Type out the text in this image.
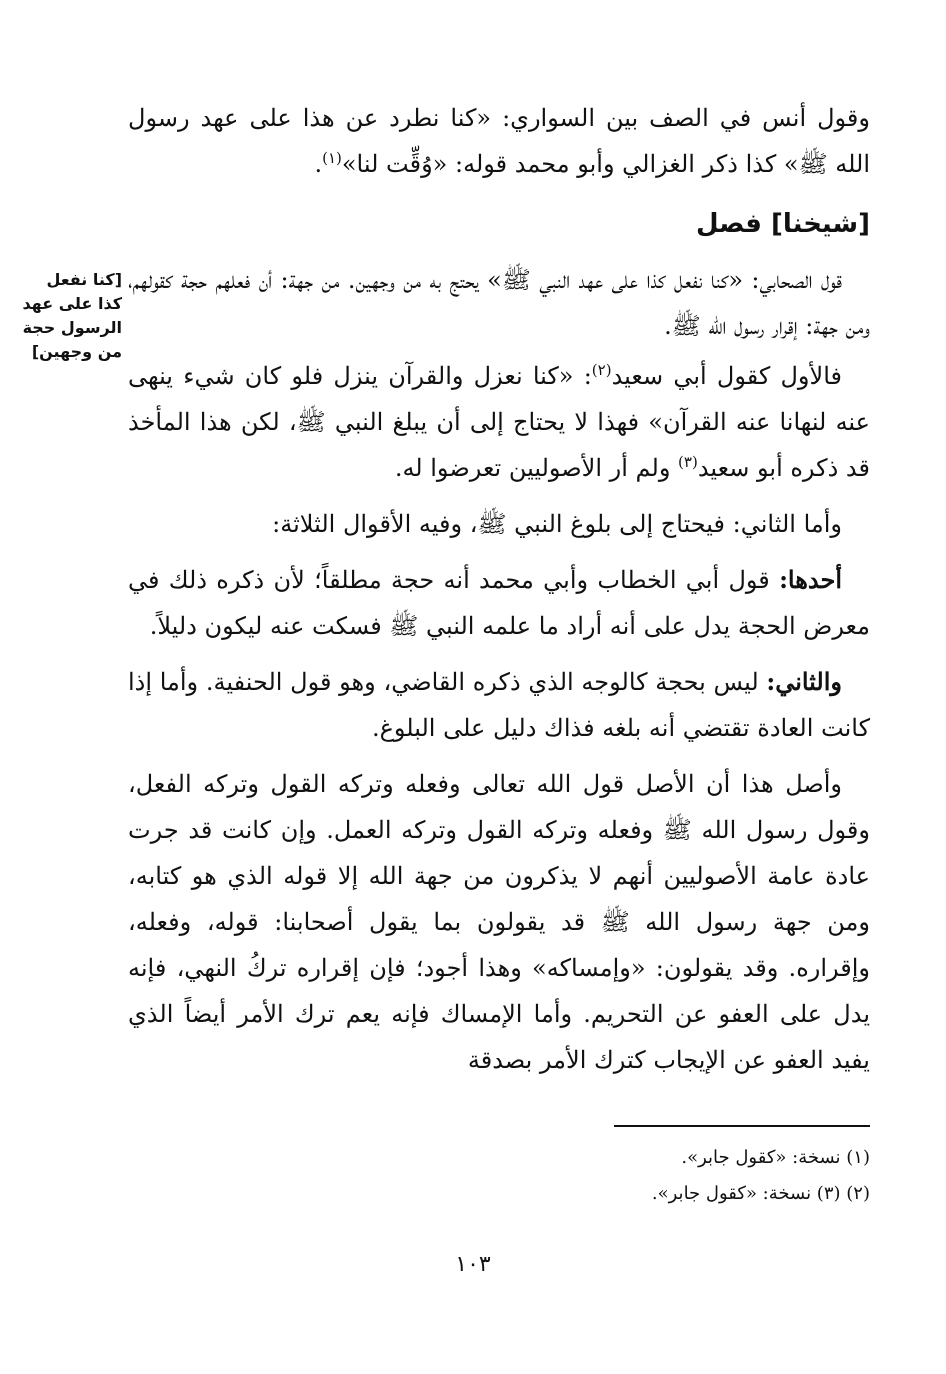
وقول أنس في الصف بين السواري: «كنا نطرد عن هذا على عهد رسول الله ﷺ» كذا ذكر الغزالي وأبو محمد قوله: «وُقِّت لنا»$^{(١)}$.

[شيخنا] فصل

قول الصحابي: «كنا نفعل كذا على عهد النبي ﷺ» يحتج به من وجهين. من جهة: أن فعلهم حجة كقولهم، ومن جهة: إقرار رسول الله ﷺ.

فالأول كقول أبي سعيد$^{(٢)}$: «كنا نعزل والقرآن ينزل فلو كان شيء ينهى عنه لنهانا عنه القرآن» فهذا لا يحتاج إلى أن يبلغ النبي ﷺ، لكن هذا المأخذ قد ذكره أبو سعيد$^{(٣)}$ ولم أر الأصوليين تعرضوا له.

وأما الثاني: فيحتاج إلى بلوغ النبي ﷺ، وفيه الأقوال الثلاثة:

أحدها: قول أبي الخطاب وأبي محمد أنه حجة مطلقاً؛ لأن ذكره ذلك في معرض الحجة يدل على أنه أراد ما علمه النبي ﷺ فسكت عنه ليكون دليلاً.

والثاني: ليس بحجة كالوجه الذي ذكره القاضي، وهو قول الحنفية. وأما إذا كانت العادة تقتضي أنه بلغه فذاك دليل على البلوغ.

وأصل هذا أن الأصل قول الله تعالى وفعله وتركه القول وتركه الفعل، وقول رسول الله ﷺ وفعله وتركه القول وتركه العمل. وإن كانت قد جرت عادة عامة الأصوليين أنهم لا يذكرون من جهة الله إلا قوله الذي هو كتابه، ومن جهة رسول الله ﷺ قد يقولون بما يقول أصحابنا: قوله، وفعله، وإقراره. وقد يقولون: «وإمساكه» وهذا أجود؛ فإن إقراره تركُ النهي، فإنه يدل على العفو عن التحريم. وأما الإمساك فإنه يعم ترك الأمر أيضاً الذي يفيد العفو عن الإيجاب كترك الأمر بصدقة

[كنا نفعل كذا على عهد الرسول حجة من وجهين]

(١) نسخة: «كقول جابر».

(٢) (٣) نسخة: «كقول جابر».

١٠٣
